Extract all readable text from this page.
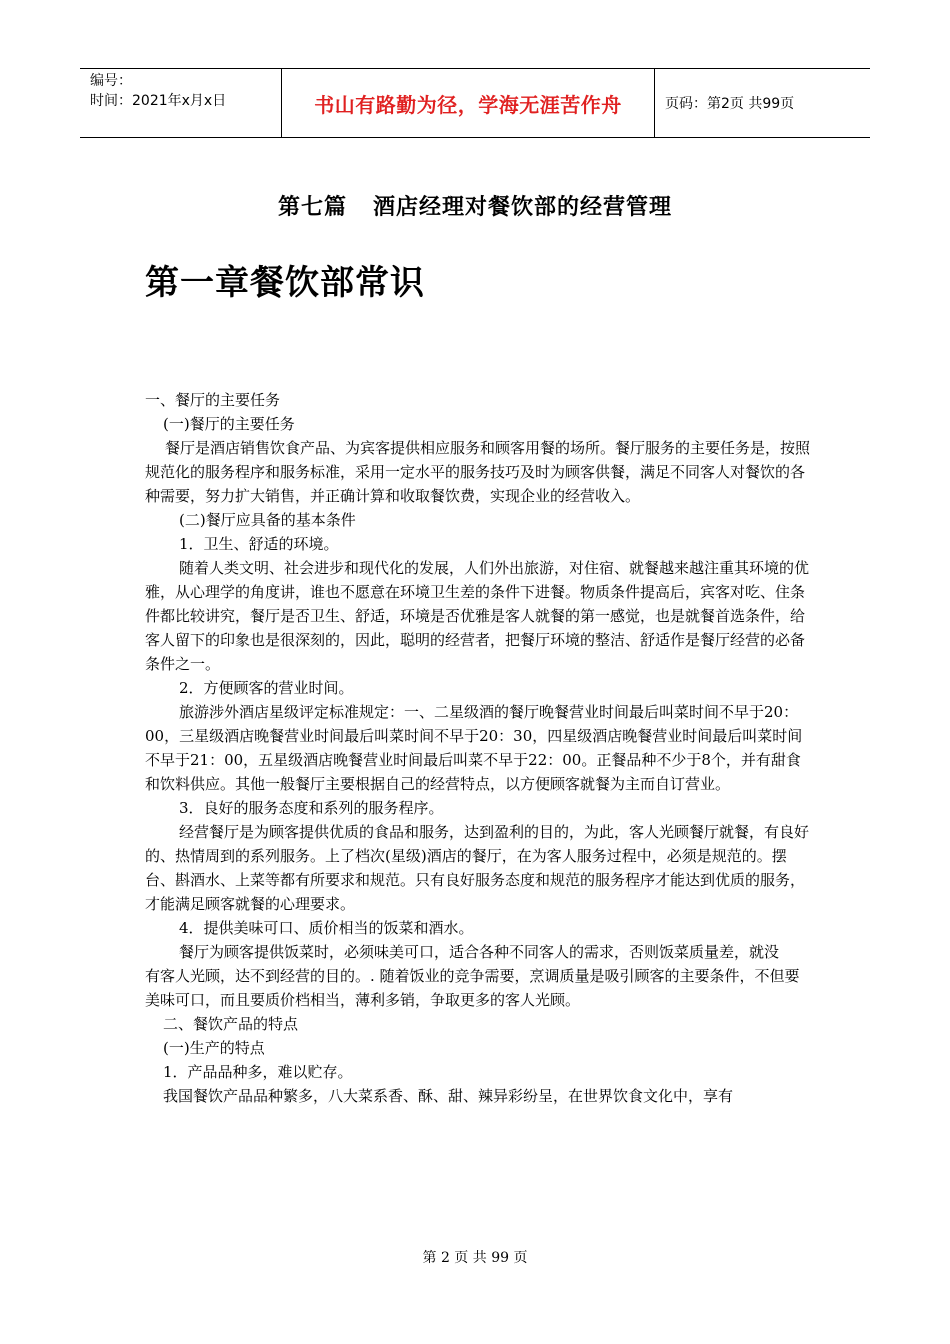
编号：
时间：2021年x月x日	书山有路勤为径，学海无涯苦作舟	页码：第2页 共99页
第七篇 酒店经理对餐饮部的经营管理
第一章餐饮部常识

一、餐厅的主要任务

(一)餐厅的主要任务

餐厅是酒店销售饮食产品、为宾客提供相应服务和顾客用餐的场所。餐厅服务的主要任务是，按照规范化的服务程序和服务标准，采用一定水平的服务技巧及时为顾客供餐，满足不同客人对餐饮的各种需要，努力扩大销售，并正确计算和收取餐饮费，实现企业的经营收入。

(二)餐厅应具备的基本条件

1．卫生、舒适的环境。

随着人类文明、社会进步和现代化的发展，人们外出旅游，对住宿、就餐越来越注重其环境的优雅，从心理学的角度讲，谁也不愿意在环境卫生差的条件下进餐。物质条件提高后，宾客对吃、住条件都比较讲究，餐厅是否卫生、舒适，环境是否优雅是客人就餐的第一感觉，也是就餐首选条件，给客人留下的印象也是很深刻的，因此，聪明的经营者，把餐厅环境的整洁、舒适作是餐厅经营的必备条件之一。

2．方便顾客的营业时间。

旅游涉外酒店星级评定标准规定：一、二星级酒的餐厅晚餐营业时间最后叫菜时间不早于20：00，三星级酒店晚餐营业时间最后叫菜时间不早于20：30，四星级酒店晚餐营业时间最后叫菜时间不早于21：00，五星级酒店晚餐营业时间最后叫菜不早于22：00。正餐品种不少于8个，并有甜食和饮料供应。其他一般餐厅主要根据自己的经营特点，以方便顾客就餐为主而自订营业。

3．良好的服务态度和系列的服务程序。

经营餐厅是为顾客提供优质的食品和服务，达到盈利的目的，为此，客人光顾餐厅就餐，有良好的、热情周到的系列服务。上了档次(星级)酒店的餐厅，在为客人服务过程中，必须是规范的。摆台、斟酒水、上菜等都有所要求和规范。只有良好服务态度和规范的服务程序才能达到优质的服务，才能满足顾客就餐的心理要求。

4．提供美味可口、质价相当的饭菜和酒水。

餐厅为顾客提供饭菜时，必须味美可口，适合各种不同客人的需求，否则饭菜质量差，就没

有客人光顾，达不到经营的目的。. 随着饭业的竞争需要，烹调质量是吸引顾客的主要条件，不但要美味可口，而且要质价档相当，薄利多销，争取更多的客人光顾。

二、餐饮产品的特点

(一)生产的特点

1．产品品种多，难以贮存。

我国餐饮产品品种繁多，八大菜系香、酥、甜、辣异彩纷呈，在世界饮食文化中，享有

第 2 页 共 99 页
